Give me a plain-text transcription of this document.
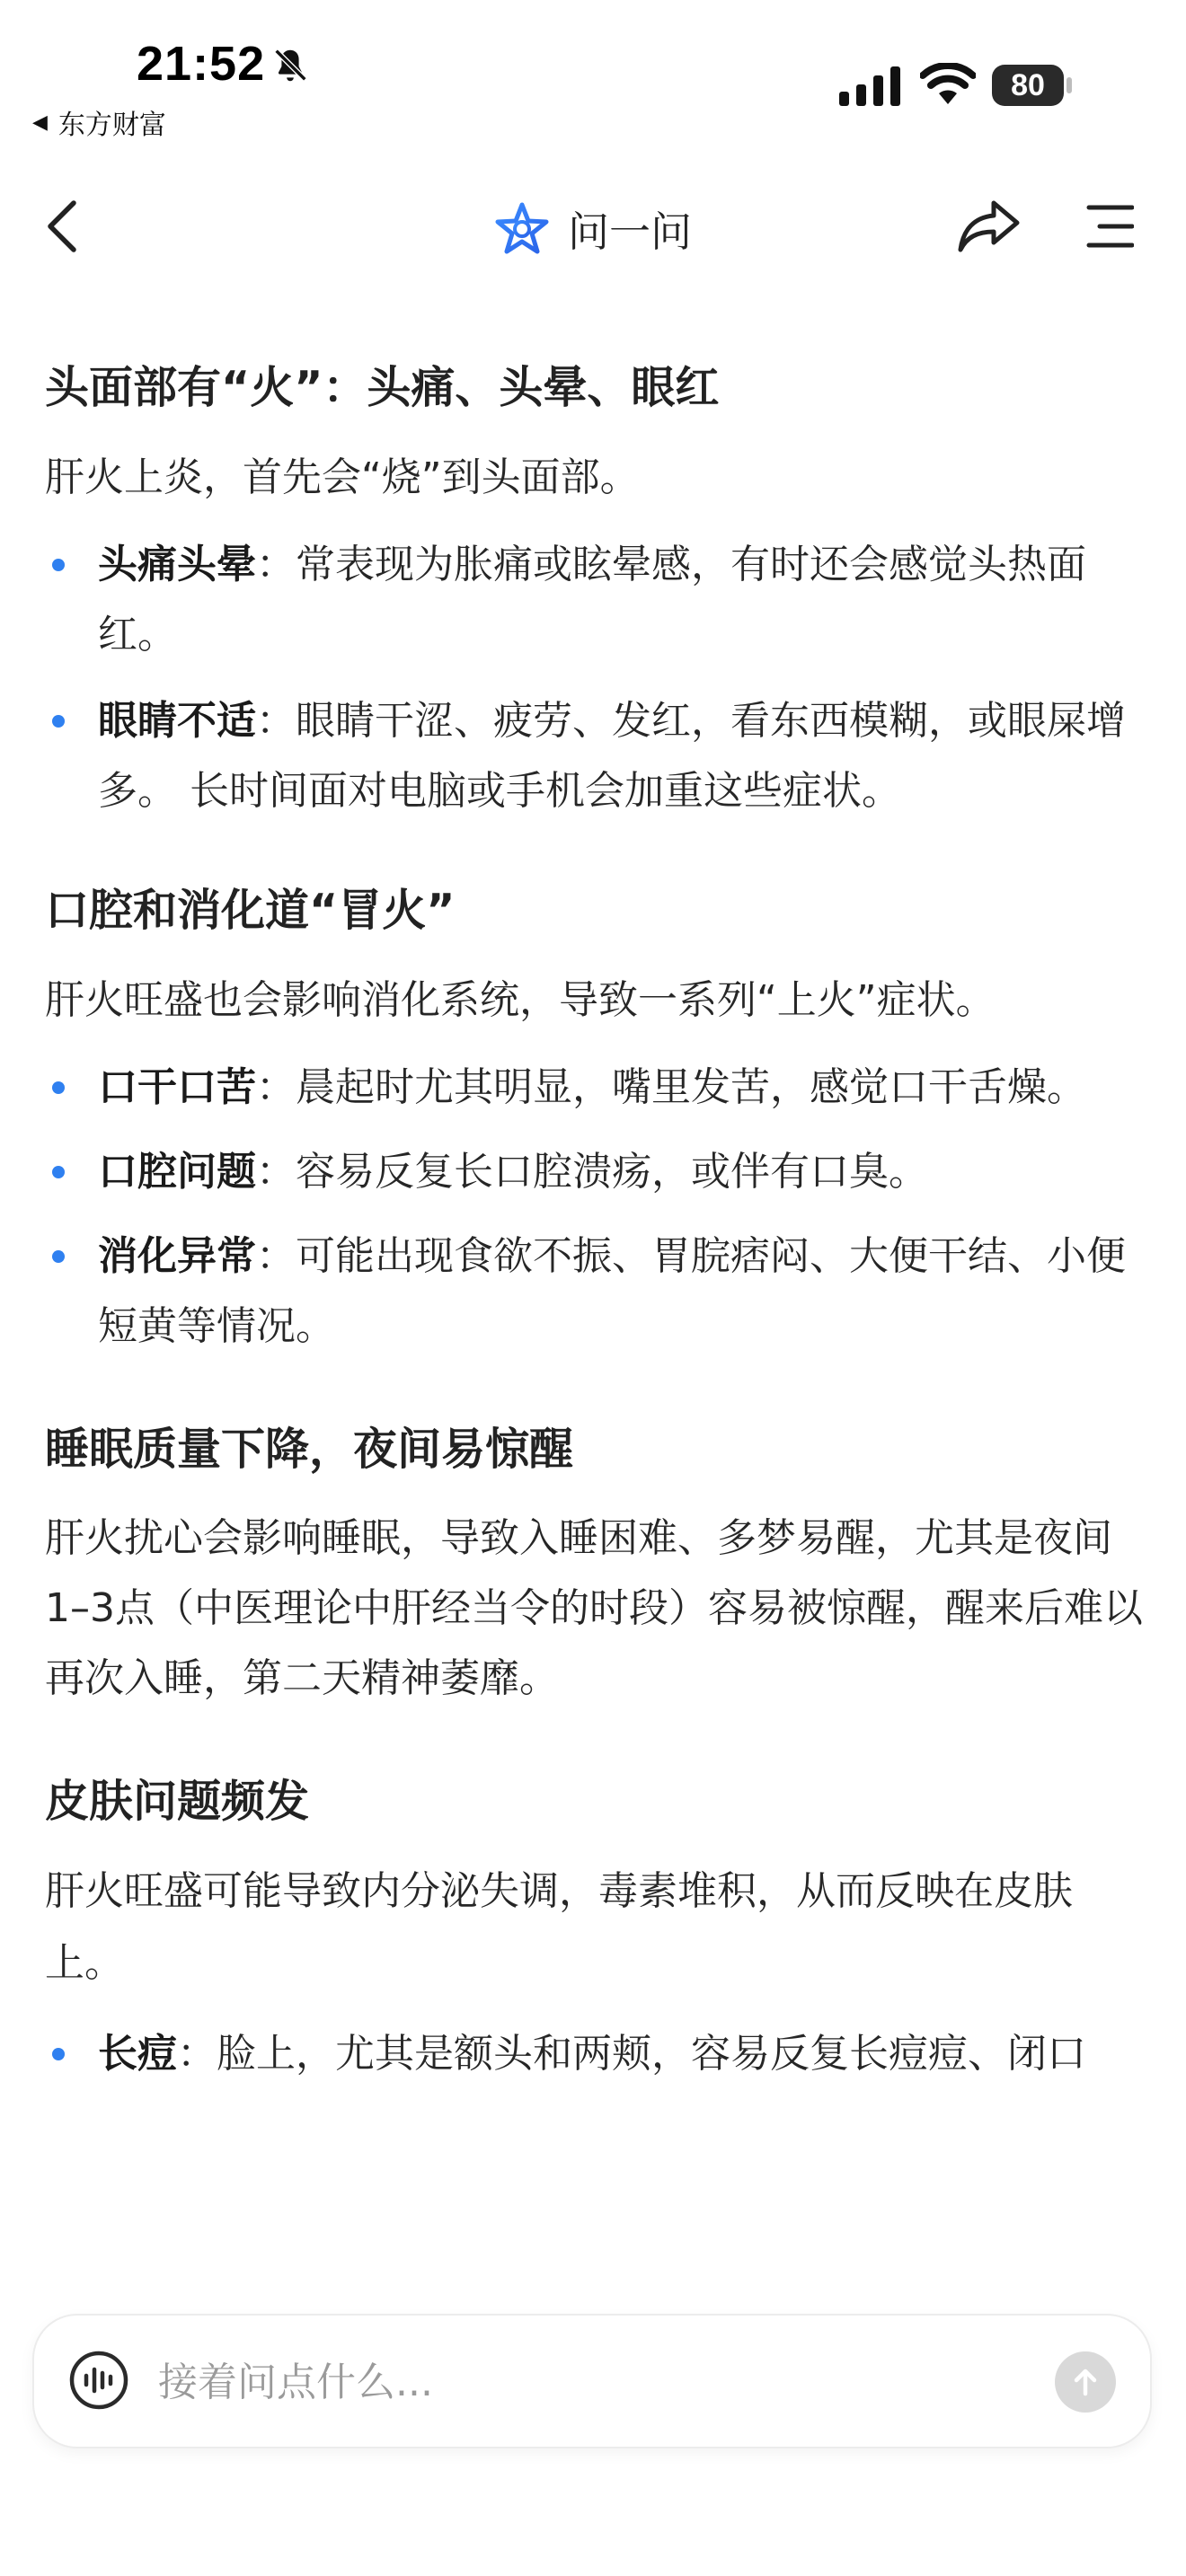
21:52
◀ 东方财富
80
问一问
头面部有“火”：头痛、头晕、眼红

肝火上炎，首先会“烧”到头面部。

头痛头晕：常表现为胀痛或眩晕感，有时还会感觉头热面红。
眼睛不适：眼睛干涩、疲劳、发红，看东西模糊，或眼屎增多。 长时间面对电脑或手机会加重这些症状。
口腔和消化道“冒火”

肝火旺盛也会影响消化系统，导致一系列“上火”症状。

口干口苦：晨起时尤其明显，嘴里发苦，感觉口干舌燥。
口腔问题：容易反复长口腔溃疡，或伴有口臭。
消化异常：可能出现食欲不振、胃脘痞闷、大便干结、小便短黄等情况。
睡眠质量下降，夜间易惊醒

肝火扰心会影响睡眠，导致入睡困难、多梦易醒，尤其是夜间1–3点（中医理论中肝经当令的时段）容易被惊醒，醒来后难以再次入睡，第二天精神萎靡。

皮肤问题频发

肝火旺盛可能导致内分泌失调，毒素堆积，从而反映在皮肤上。

长痘：脸上，尤其是额头和两颊，容易反复长痘痘、闭口
接着问点什么...
